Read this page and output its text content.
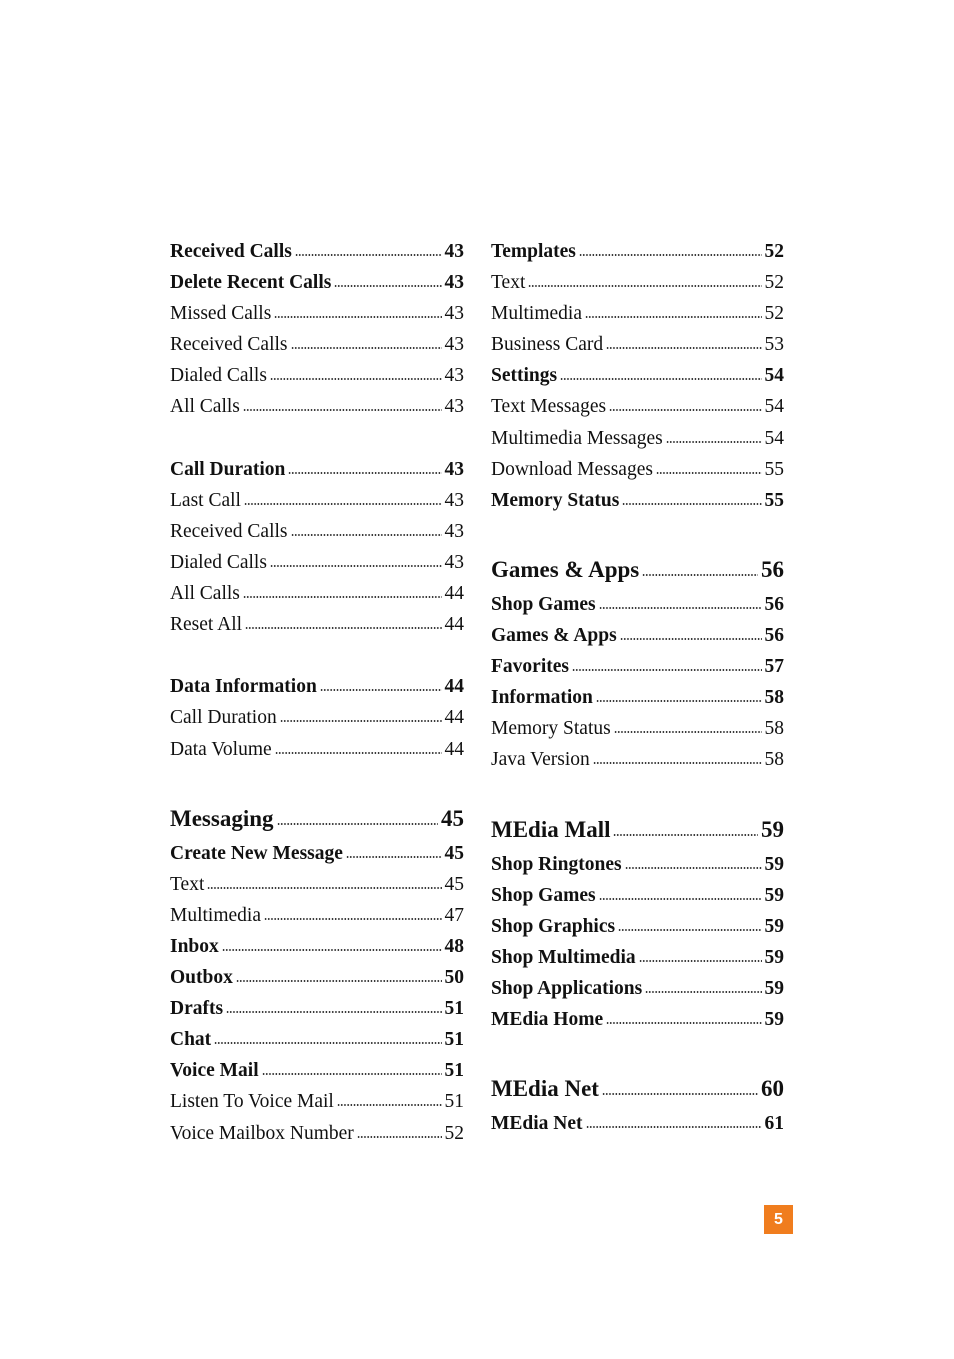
Received Calls	43
Delete Recent Calls	43
Missed Calls	43
Received Calls	43
Dialed Calls	43
All Calls	43
Call Duration	43
Last Call	43
Received Calls	43
Dialed Calls	43
All Calls	44
Reset All	44
Data Information	44
Call Duration	44
Data Volume	44
Messaging	45
Create New Message	45
Text	45
Multimedia	47
Inbox	48
Outbox	50
Drafts	51
Chat	51
Voice Mail	51
Listen To Voice Mail	51
Voice Mailbox Number	52
Templates	52
Text	52
Multimedia	52
Business Card	53
Settings	54
Text Messages	54
Multimedia Messages	54
Download Messages	55
Memory Status	55
Games & Apps	56
Shop Games	56
Games & Apps	56
Favorites	57
Information	58
Memory Status	58
Java Version	58
MEdia Mall	59
Shop Ringtones	59
Shop Games	59
Shop Graphics	59
Shop Multimedia	59
Shop Applications	59
MEdia Home	59
MEdia Net	60
MEdia Net	61
5
